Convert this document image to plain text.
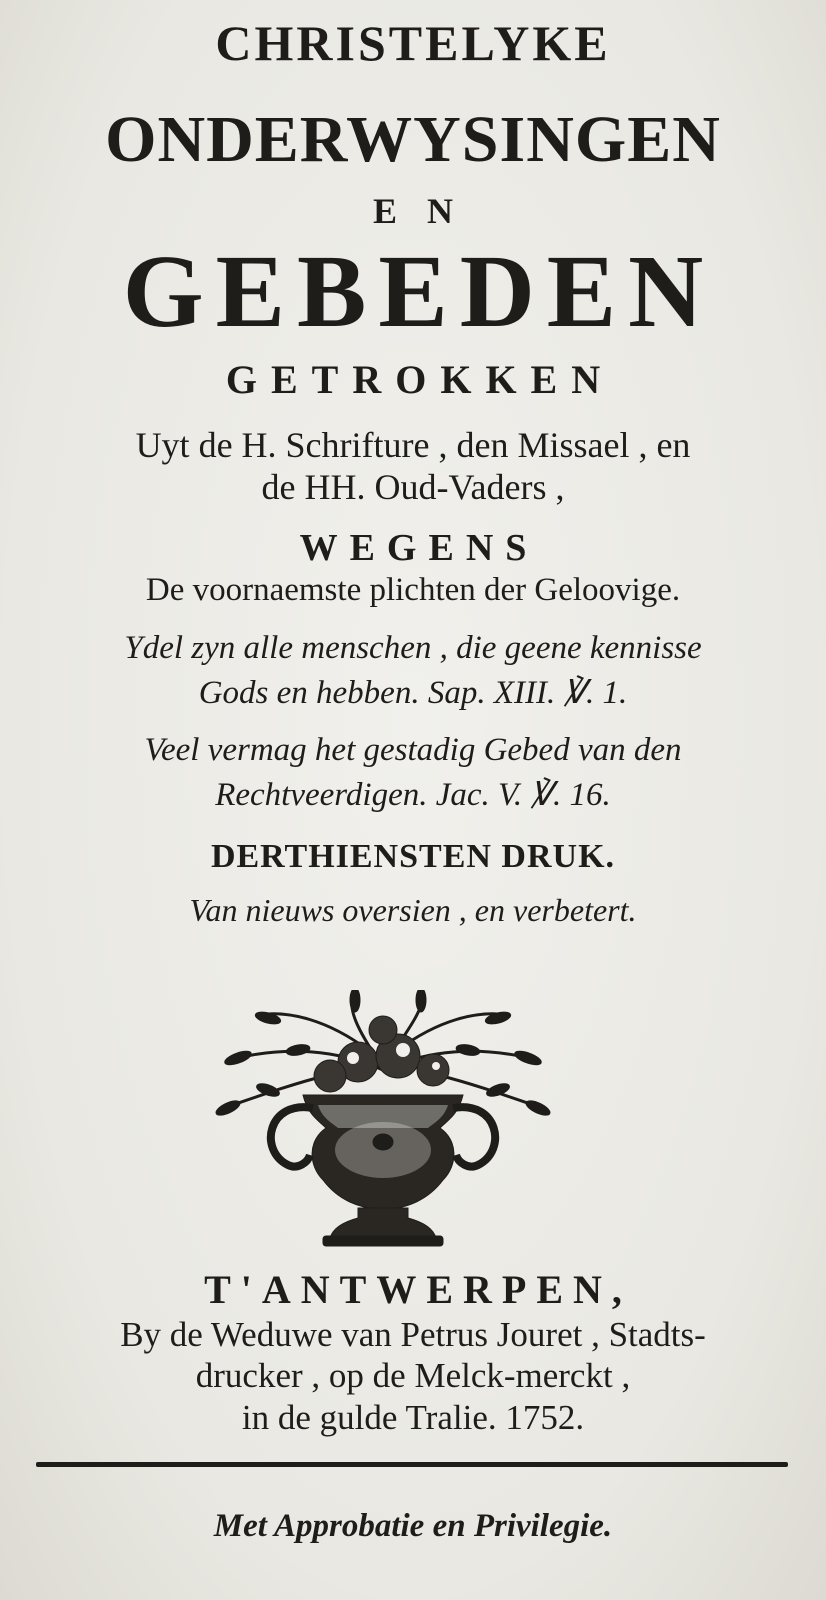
CHRISTELYKE
ONDERWYSINGEN
EN
GEBEDEN
GETROKKEN
Uyt de H. Schrifture , den Missael , en
de HH. Oud-Vaders ,
WEGENS
De voornaemste plichten der Geloovige.
Ydel zyn alle menschen , die geene kennisse
Gods en hebben. Sap. XIII. ℣. 1.
Veel vermag het gestadig Gebed van den
Rechtveerdigen. Jac. V. ℣. 16.
DERTHIENSTEN DRUK.
Van nieuws oversien , en verbetert.
T'ANTWERPEN,
By de Weduwe van Petrus Jouret , Stadts-
drucker , op de Melck-merckt ,
in de gulde Tralie. 1752.
Met Approbatie en Privilegie.
